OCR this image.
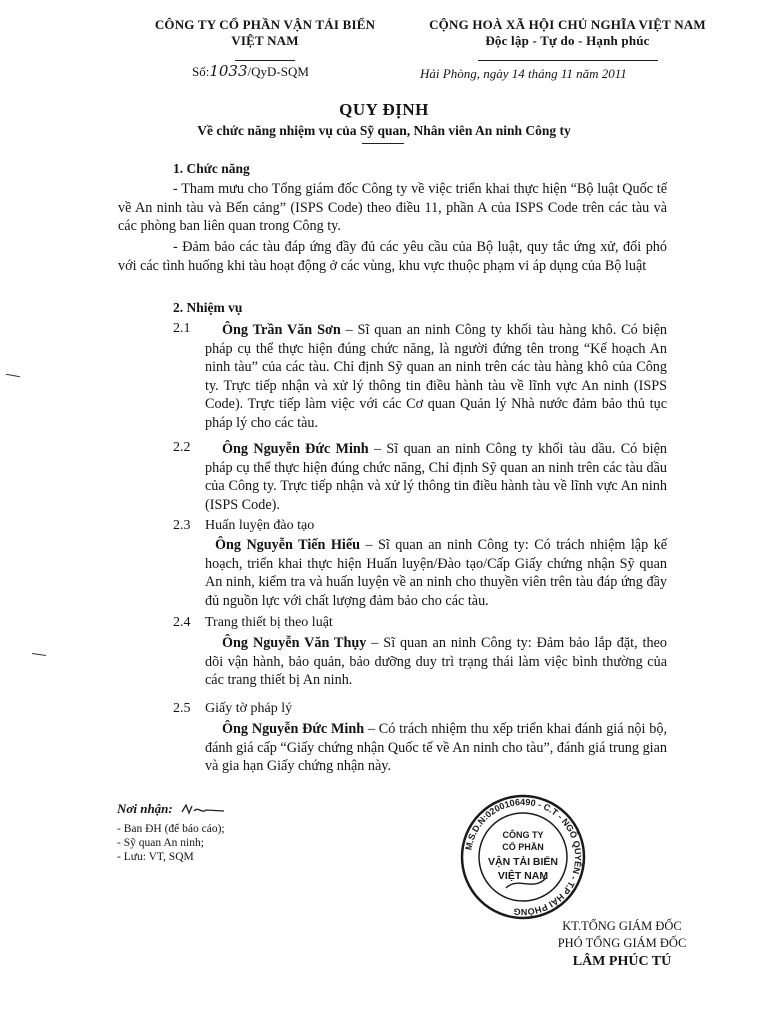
CÔNG TY CỔ PHẦN VẬN TẢI BIỂN
VIỆT NAM
CỘNG HOÀ XÃ HỘI CHỦ NGHĨA VIỆT NAM
Độc lập - Tự do - Hạnh phúc
Số:1033/QyD-SQM	Hải Phòng, ngày 14 tháng 11 năm 2011
QUY ĐỊNH
Về chức năng nhiệm vụ của Sỹ quan, Nhân viên An ninh Công ty
1. Chức năng
- Tham mưu cho Tổng giám đốc Công ty về việc triển khai thực hiện “Bộ luật Quốc tế về An ninh tàu và Bến cảng” (ISPS Code) theo điều 11, phần A của ISPS Code trên các tàu và các phòng ban liên quan trong Công ty.
- Đảm bảo các tàu đáp ứng đầy đủ các yêu cầu của Bộ luật, quy tắc ứng xử, đối phó với các tình huống khi tàu hoạt động ở các vùng, khu vực thuộc phạm vi áp dụng của Bộ luật
2. Nhiệm vụ
2.1	Ông Trần Văn Sơn – Sĩ quan an ninh Công ty khối tàu hàng khô. Có biện pháp cụ thể thực hiện đúng chức năng, là người đứng tên trong “Kế hoạch An ninh tàu” của các tàu. Chỉ định Sỹ quan an ninh trên các tàu hàng khô của Công ty. Trực tiếp nhận và xử lý thông tin điều hành tàu về lĩnh vực An ninh (ISPS Code). Trực tiếp làm việc với các Cơ quan Quản lý Nhà nước đảm bảo thủ tục pháp lý cho các tàu.
2.2	Ông Nguyễn Đức Minh – Sĩ quan an ninh Công ty khối tàu dầu. Có biện pháp cụ thể thực hiện đúng chức năng, Chỉ định Sỹ quan an ninh trên các tàu dầu của Công ty. Trực tiếp nhận và xử lý thông tin điều hành tàu về lĩnh vực An ninh (ISPS Code).
2.3 Huấn luyện đào tạo
Ông Nguyễn Tiến Hiếu – Sĩ quan an ninh Công ty: Có trách nhiệm lập kế hoạch, triển khai thực hiện Huấn luyện/Đào tạo/Cấp Giấy chứng nhận Sỹ quan An ninh, kiểm tra và huấn luyện về an ninh cho thuyền viên trên tàu đáp ứng đầy đủ nguồn lực với chất lượng đảm bảo cho các tàu.
2.4 Trang thiết bị theo luật
Ông Nguyễn Văn Thụy – Sĩ quan an ninh Công ty: Đảm bảo lắp đặt, theo dõi vận hành, bảo quản, bảo dưỡng duy trì trạng thái làm việc bình thường của các trang thiết bị An ninh.
2.5 Giấy tờ pháp lý
Ông Nguyễn Đức Minh – Có trách nhiệm thu xếp triển khai đánh giá nội bộ, đánh giá cấp “Giấy chứng nhận Quốc tế về An ninh cho tàu”, đánh giá trung gian và gia hạn Giấy chứng nhận này.
Nơi nhận:
- Ban ĐH (để báo cáo);
- Sỹ quan An ninh;
- Lưu: VT, SQM
M.S.D.N:0200106490 - C.T - NGÔ QUYỀN - T.P HẢI PHÒNG
CÔNG TY
CỔ PHẦN
VẬN TẢI BIỂN
VIỆT NAM
KT.TỔNG GIÁM ĐỐC
PHÓ TỔNG GIÁM ĐỐC
LÂM PHÚC TÚ
